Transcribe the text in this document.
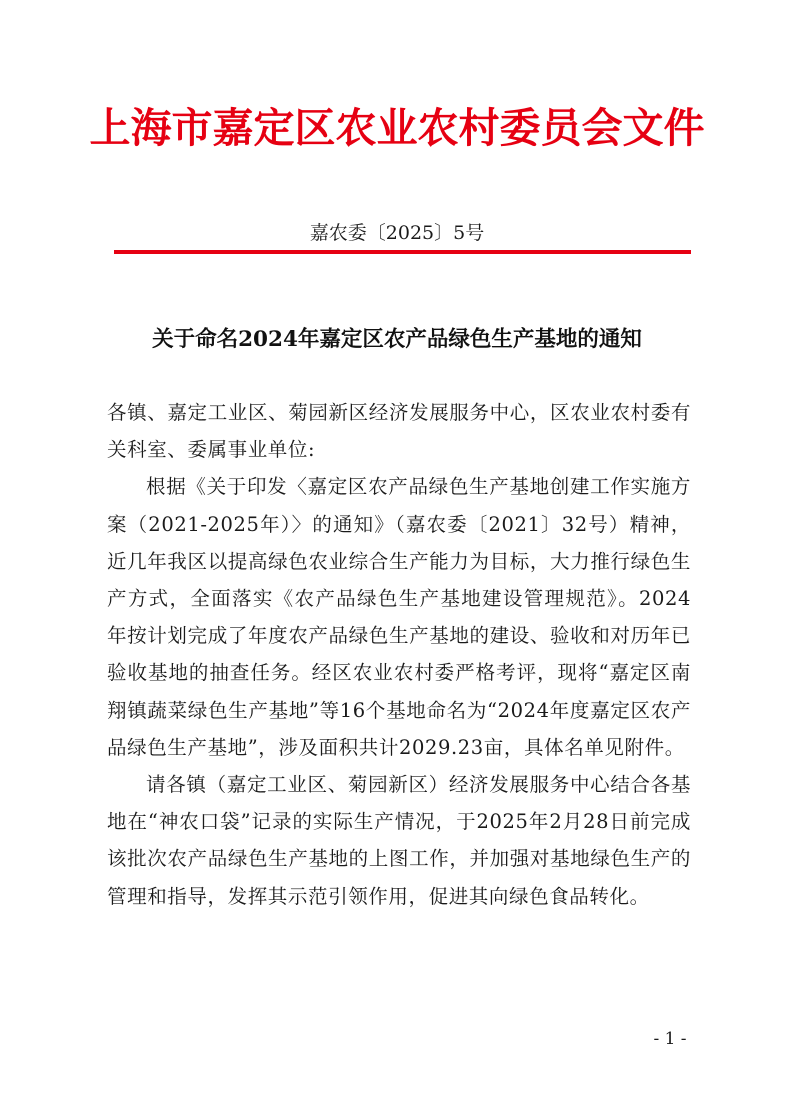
上海市嘉定区农业农村委员会文件
嘉农委〔2025〕5号
关于命名2024年嘉定区农产品绿色生产基地的通知

各镇、嘉定工业区、菊园新区经济发展服务中心，区农业农村委有关科室、委属事业单位:

根据《关于印发〈嘉定区农产品绿色生产基地创建工作实施方案（2021-2025年）〉的通知》（嘉农委〔2021〕32号）精神，近几年我区以提高绿色农业综合生产能力为目标，大力推行绿色生产方式，全面落实《农产品绿色生产基地建设管理规范》。2024年按计划完成了年度农产品绿色生产基地的建设、验收和对历年已验收基地的抽查任务。经区农业农村委严格考评，现将“嘉定区南翔镇蔬菜绿色生产基地”等16个基地命名为“2024年度嘉定区农产品绿色生产基地”，涉及面积共计2029.23亩，具体名单见附件。

请各镇（嘉定工业区、菊园新区）经济发展服务中心结合各基地在“神农口袋”记录的实际生产情况，于2025年2月28日前完成该批次农产品绿色生产基地的上图工作，并加强对基地绿色生产的管理和指导，发挥其示范引领作用，促进其向绿色食品转化。

- 1 -
